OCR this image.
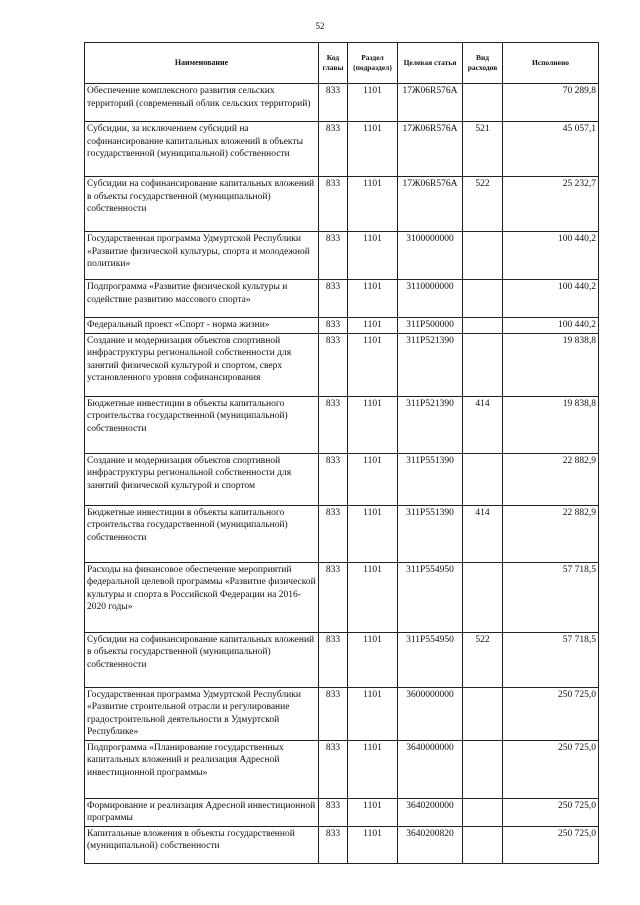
52
Наименование	Код главы	Раздел (подраздел)	Целевая статья	Вид расходов	Исполнено
Обеспечение комплексного развития сельских территорий (современный облик сельских территорий)	833	1101	17Ж06R576А		70 289,8
Субсидии, за исключением субсидий на софинансирование капитальных вложений в объекты государственной (муниципальной) собственности	833	1101	17Ж06R576А	521	45 057,1
Субсидии на софинансирование капитальных вложений в объекты государственной (муниципальной) собственности	833	1101	17Ж06R576А	522	25 232,7
Государственная программа Удмуртской Республики «Развитие физической культуры, спорта и молодежной политики»	833	1101	3100000000		100 440,2
Подпрограмма «Развитие физической культуры и содействие развитию массового спорта»	833	1101	3110000000		100 440,2
Федеральный проект «Спорт - норма жизни»	833	1101	311P500000		100 440,2
Создание и модернизация объектов спортивной инфраструктуры региональной собственности для занятий физической культурой и спортом, сверх установленного уровня софинансирования	833	1101	311P521390		19 838,8
Бюджетные инвестиции в объекты капитального строительства государственной (муниципальной) собственности	833	1101	311P521390	414	19 838,8
Создание и модернизация объектов спортивной инфраструктуры региональной собственности для занятий физической культурой и спортом	833	1101	311P551390		22 882,9
Бюджетные инвестиции в объекты капитального строительства государственной (муниципальной) собственности	833	1101	311P551390	414	22 882,9
Расходы на финансовое обеспечение мероприятий федеральной целевой программы «Развитие физической культуры и спорта в Российской Федерации на 2016-2020 годы»	833	1101	311P554950		57 718,5
Субсидии на софинансирование капитальных вложений в объекты государственной (муниципальной) собственности	833	1101	311P554950	522	57 718,5
Государственная программа Удмуртской Республики «Развитие строительной отрасли и регулирование градостроительной деятельности в Удмуртской Республике»	833	1101	3600000000		250 725,0
Подпрограмма «Планирование государственных капитальных вложений и реализация Адресной инвестиционной программы»	833	1101	3640000000		250 725,0
Формирование и реализация Адресной инвестиционной программы	833	1101	3640200000		250 725,0
Капитальные вложения в объекты государственной (муниципальной) собственности	833	1101	3640200820		250 725,0
